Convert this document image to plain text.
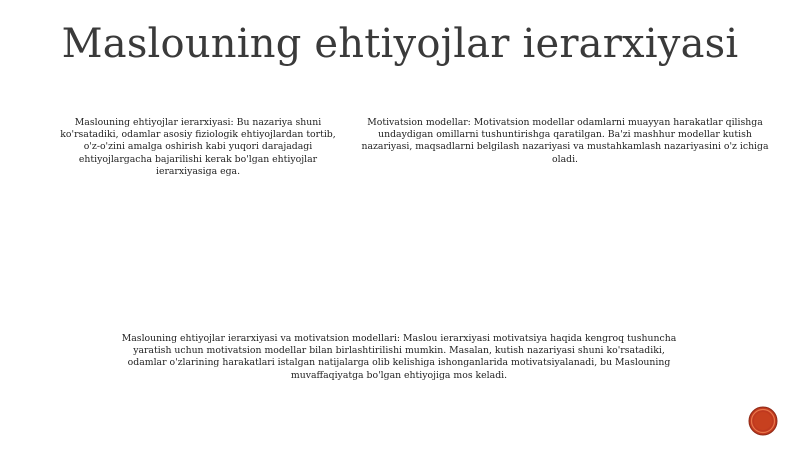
Maslouning ehtiyojlar ierarxiyasi
Maslouning ehtiyojlar ierarxiyasi: Bu nazariya shuni ko'rsatadiki, odamlar asosiy fiziologik ehtiyojlardan tortib, o'z-o'zini amalga oshirish kabi yuqori darajadagi ehtiyojlargacha bajarilishi kerak bo'lgan ehtiyojlar ierarxiyasiga ega.
Motivatsion modellar: Motivatsion modellar odamlarni muayyan harakatlar qilishga undaydigan omillarni tushuntirishga qaratilgan. Ba'zi mashhur modellar kutish nazariyasi, maqsadlarni belgilash nazariyasi va mustahkamlash nazariyasini o'z ichiga oladi.
Maslouning ehtiyojlar ierarxiyasi va motivatsion modellari: Maslou ierarxiyasi motivatsiya haqida kengroq tushuncha yaratish uchun motivatsion modellar bilan birlashtirilishi mumkin. Masalan, kutish nazariyasi shuni ko'rsatadiki, odamlar o'zlarining harakatlari istalgan natijalarga olib kelishiga ishonganlarida motivatsiyalanadi, bu Maslouning muvaffaqiyatga bo'lgan ehtiyojiga mos keladi.
